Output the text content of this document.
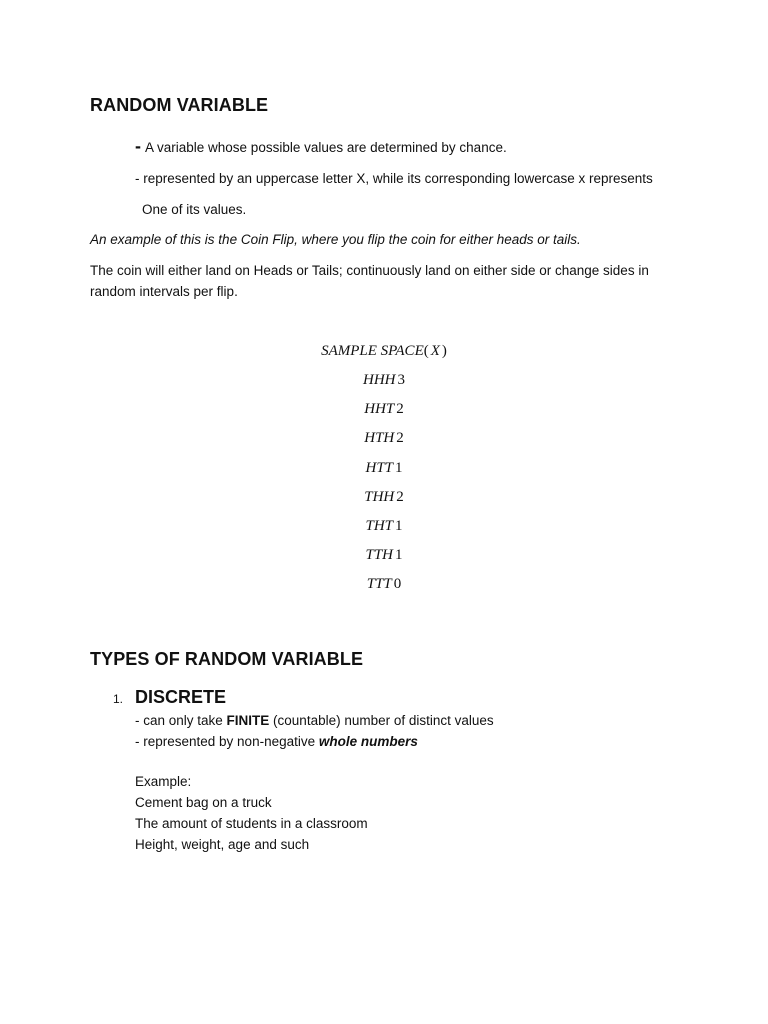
RANDOM VARIABLE
- A variable whose possible values are determined by chance.
- represented by an uppercase letter X, while its corresponding lowercase x represents
One of its values.
An example of this is the Coin Flip, where you flip the coin for either heads or tails.
The coin will either land on Heads or Tails; continuously land on either side or change sides in
random intervals per flip.
SAMPLE SPACE( X )
HHH 3
HHT 2
HTH 2
HTT 1
THH 2
THT 1
TTH 1
TTT 0
TYPES OF RANDOM VARIABLE
1. DISCRETE
- can only take FINITE (countable) number of distinct values
- represented by non-negative whole numbers
Example:
Cement bag on a truck
The amount of students in a classroom
Height, weight, age and such
